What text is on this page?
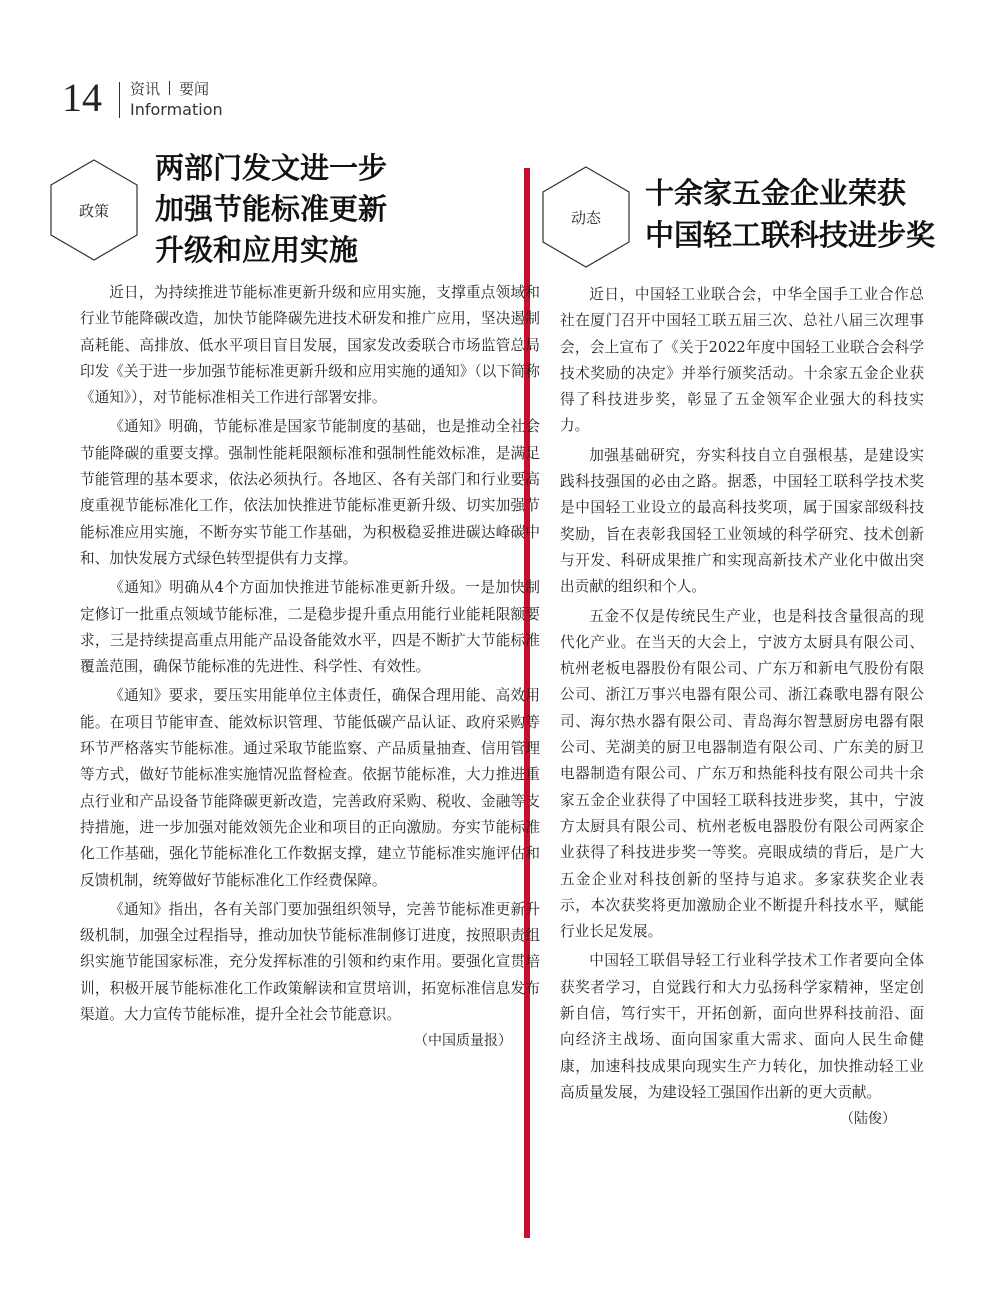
14 资讯 要闻
Information
政策
两部门发文进一步
加强节能标准更新
升级和应用实施

近日，为持续推进节能标准更新升级和应用实施，支撑重点领域和行业节能降碳改造，加快节能降碳先进技术研发和推广应用，坚决遏制高耗能、高排放、低水平项目盲目发展，国家发改委联合市场监管总局印发《关于进一步加强节能标准更新升级和应用实施的通知》（以下简称《通知》），对节能标准相关工作进行部署安排。

《通知》明确，节能标准是国家节能制度的基础，也是推动全社会节能降碳的重要支撑。强制性能耗限额标准和强制性能效标准，是满足节能管理的基本要求，依法必须执行。各地区、各有关部门和行业要高度重视节能标准化工作，依法加快推进节能标准更新升级、切实加强节能标准应用实施，不断夯实节能工作基础，为积极稳妥推进碳达峰碳中和、加快发展方式绿色转型提供有力支撑。

《通知》明确从4个方面加快推进节能标准更新升级。一是加快制定修订一批重点领域节能标准，二是稳步提升重点用能行业能耗限额要求，三是持续提高重点用能产品设备能效水平，四是不断扩大节能标准覆盖范围，确保节能标准的先进性、科学性、有效性。

《通知》要求，要压实用能单位主体责任，确保合理用能、高效用能。在项目节能审查、能效标识管理、节能低碳产品认证、政府采购等环节严格落实节能标准。通过采取节能监察、产品质量抽查、信用管理等方式，做好节能标准实施情况监督检查。依据节能标准，大力推进重点行业和产品设备节能降碳更新改造，完善政府采购、税收、金融等支持措施，进一步加强对能效领先企业和项目的正向激励。夯实节能标准化工作基础，强化节能标准化工作数据支撑，建立节能标准实施评估和反馈机制，统筹做好节能标准化工作经费保障。

《通知》指出，各有关部门要加强组织领导，完善节能标准更新升级机制，加强全过程指导，推动加快节能标准制修订进度，按照职责组织实施节能国家标准，充分发挥标准的引领和约束作用。要强化宣贯培训，积极开展节能标准化工作政策解读和宣贯培训，拓宽标准信息发布渠道。大力宣传节能标准，提升全社会节能意识。
（中国质量报）

动态
十余家五金企业荣获
中国轻工联科技进步奖

近日，中国轻工业联合会，中华全国手工业合作总社在厦门召开中国轻工联五届三次、总社八届三次理事会，会上宣布了《关于2022年度中国轻工业联合会科学技术奖励的决定》并举行颁奖活动。十余家五金企业获得了科技进步奖，彰显了五金领军企业强大的科技实力。

加强基础研究，夯实科技自立自强根基，是建设实践科技强国的必由之路。据悉，中国轻工联科学技术奖是中国轻工业设立的最高科技奖项，属于国家部级科技奖励，旨在表彰我国轻工业领域的科学研究、技术创新与开发、科研成果推广和实现高新技术产业化中做出突出贡献的组织和个人。

五金不仅是传统民生产业，也是科技含量很高的现代化产业。在当天的大会上，宁波方太厨具有限公司、杭州老板电器股份有限公司、广东万和新电气股份有限公司、浙江万事兴电器有限公司、浙江森歌电器有限公司、海尔热水器有限公司、青岛海尔智慧厨房电器有限公司、芜湖美的厨卫电器制造有限公司、广东美的厨卫电器制造有限公司、广东万和热能科技有限公司共十余家五金企业获得了中国轻工联科技进步奖，其中，宁波方太厨具有限公司、杭州老板电器股份有限公司两家企业获得了科技进步奖一等奖。亮眼成绩的背后，是广大五金企业对科技创新的坚持与追求。多家获奖企业表示，本次获奖将更加激励企业不断提升科技水平，赋能行业长足发展。

中国轻工联倡导轻工行业科学技术工作者要向全体获奖者学习，自觉践行和大力弘扬科学家精神，坚定创新自信，笃行实干，开拓创新，面向世界科技前沿、面向经济主战场、面向国家重大需求、面向人民生命健康，加速科技成果向现实生产力转化，加快推动轻工业高质量发展，为建设轻工强国作出新的更大贡献。
（陆俊）
